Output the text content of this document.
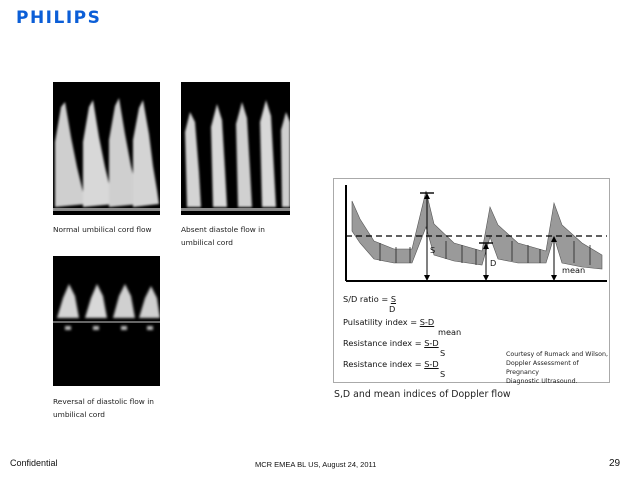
PHILIPS
Normal umbilical cord flow	Absent diastole flow in
umbilical cord
Reversal of diastolic flow in
umbilical cord
S
D
mean
S/D ratio = S
D
Pulsatility index = S-D
mean
Resistance index = S-D
S
Resistance index = S-D
S
Courtesy of Rumack and Wilson,
Doppler Assessment of Pregnancy
Diagnostic Ultrasound.
S,D and mean indices of Doppler flow
Confidential	MCR EMEA BL US, August 24, 2011	29
